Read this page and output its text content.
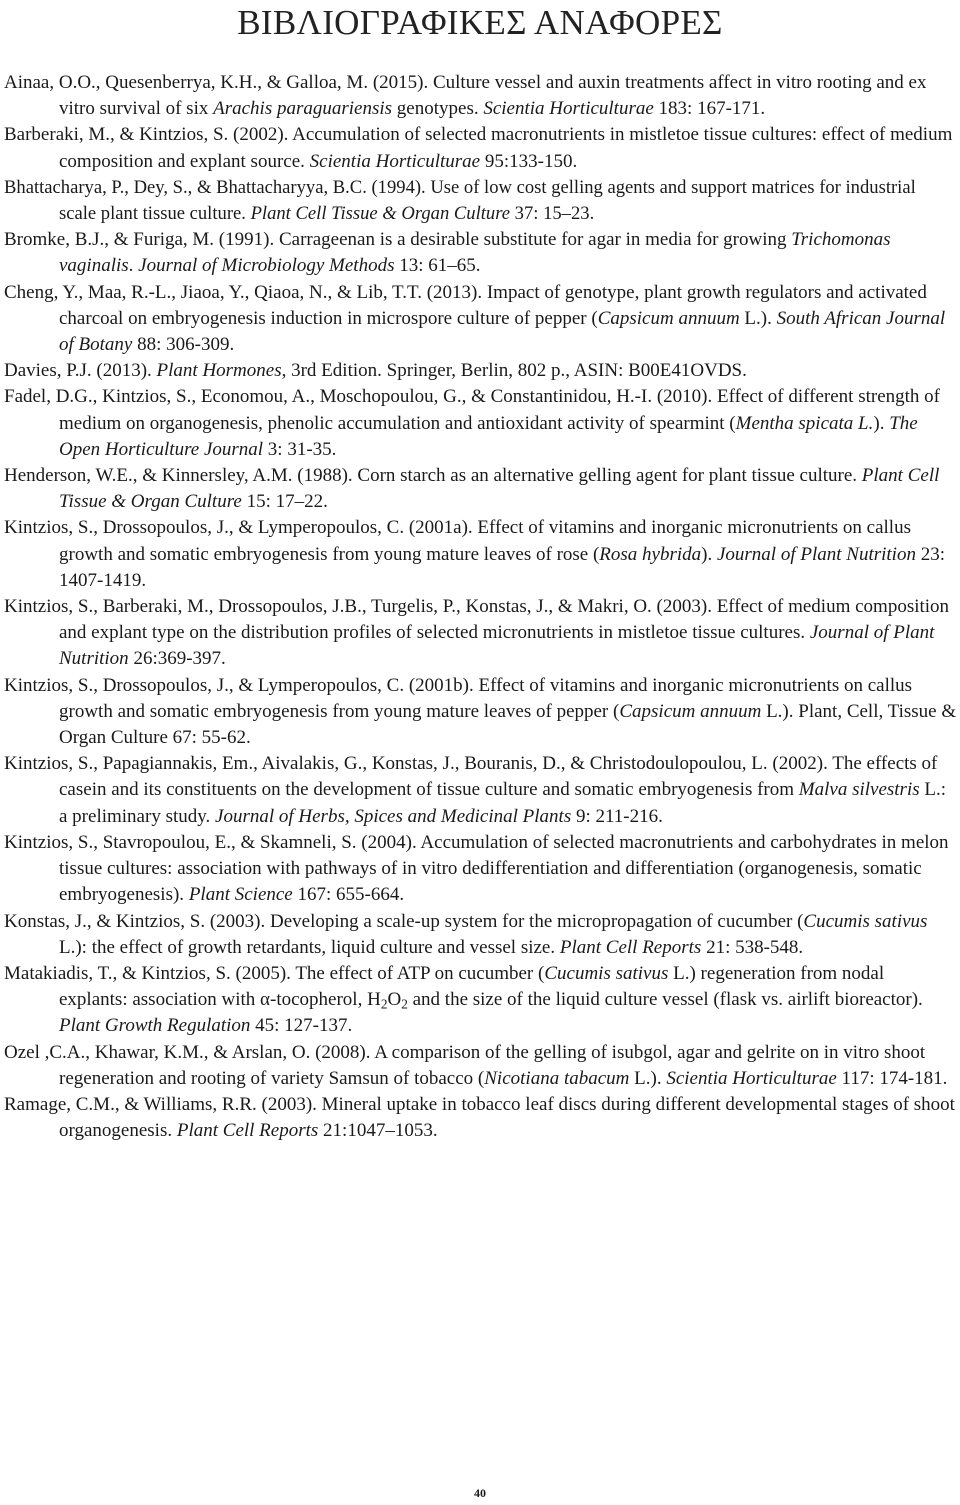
ΒΙΒΛΙΟΓΡΑΦΙΚΕΣ ΑΝΑΦΟΡΕΣ

Ainaa, O.O., Quesenberrya, K.H., & Galloa, M. (2015). Culture vessel and auxin treatments affect in vitro rooting and ex vitro survival of six Arachis paraguariensis genotypes. Scientia Horticulturae 183: 167-171.

Barberaki, M., & Kintzios, S. (2002). Accumulation of selected macronutrients in mistletoe tissue cultures: effect of medium composition and explant source. Scientia Horticulturae 95:133-150.

Bhattacharya, P., Dey, S., & Bhattacharyya, B.C. (1994). Use of low cost gelling agents and support matrices for industrial scale plant tissue culture. Plant Cell Tissue & Organ Culture 37: 15–23.

Bromke, B.J., & Furiga, M. (1991). Carrageenan is a desirable substitute for agar in media for growing Trichomonas vaginalis. Journal of Microbiology Methods 13: 61–65.

Cheng, Y., Maa, R.-L., Jiaoa, Y., Qiaoa, N., & Lib, T.T. (2013). Impact of genotype, plant growth regulators and activated charcoal on embryogenesis induction in microspore culture of pepper (Capsicum annuum L.). South African Journal of Botany 88: 306-309.

Davies, P.J. (2013). Plant Hormones, 3rd Edition. Springer, Berlin, 802 p., ASIN: B00E41OVDS.

Fadel, D.G., Kintzios, S., Economou, A., Moschopoulou, G., & Constantinidou, H.-I. (2010). Effect of different strength of medium on organogenesis, phenolic accumulation and antioxidant activity of spearmint (Mentha spicata L.). The Open Horticulture Journal 3: 31-35.

Henderson, W.E., & Kinnersley, A.M. (1988). Corn starch as an alternative gelling agent for plant tissue culture. Plant Cell Tissue & Organ Culture 15: 17–22.

Kintzios, S., Drossopoulos, J., & Lymperopoulos, C. (2001a). Effect of vitamins and inorganic micronutrients on callus growth and somatic embryogenesis from young mature leaves of rose (Rosa hybrida). Journal of Plant Nutrition 23: 1407-1419.

Kintzios, S., Barberaki, M., Drossopoulos, J.B., Turgelis, P., Konstas, J., & Makri, O. (2003). Effect of medium composition and explant type on the distribution profiles of selected micronutrients in mistletoe tissue cultures. Journal of Plant Nutrition 26:369-397.

Kintzios, S., Drossopoulos, J., & Lymperopoulos, C. (2001b). Effect of vitamins and inorganic micronutrients on callus growth and somatic embryogenesis from young mature leaves of pepper (Capsicum annuum L.). Plant, Cell, Tissue & Organ Culture 67: 55-62.

Kintzios, S., Papagiannakis, Em., Aivalakis, G., Konstas, J., Bouranis, D., & Christodoulopoulou, L. (2002). The effects of casein and its constituents on the development of tissue culture and somatic embryogenesis from Malva silvestris L.: a preliminary study. Journal of Herbs, Spices and Medicinal Plants 9: 211-216.

Kintzios, S., Stavropoulou, E., & Skamneli, S. (2004). Accumulation of selected macronutrients and carbohydrates in melon tissue cultures: association with pathways of in vitro dedifferentiation and differentiation (organogenesis, somatic embryogenesis). Plant Science 167: 655-664.

Konstas, J., & Kintzios, S. (2003). Developing a scale-up system for the micropropagation of cucumber (Cucumis sativus L.): the effect of growth retardants, liquid culture and vessel size. Plant Cell Reports 21: 538-548.

Matakiadis, T., & Kintzios, S. (2005). The effect of ATP on cucumber (Cucumis sativus L.) regeneration from nodal explants: association with α-tocopherol, $H_2O_2$ and the size of the liquid culture vessel (flask vs. airlift bioreactor). Plant Growth Regulation 45: 127-137.

Ozel ,C.A., Khawar, K.M., & Arslan, O. (2008). A comparison of the gelling of isubgol, agar and gelrite on in vitro shoot regeneration and rooting of variety Samsun of tobacco (Nicotiana tabacum L.). Scientia Horticulturae 117: 174-181.

Ramage, C.M., & Williams, R.R. (2003). Mineral uptake in tobacco leaf discs during different developmental stages of shoot organogenesis. Plant Cell Reports 21:1047–1053.

40
